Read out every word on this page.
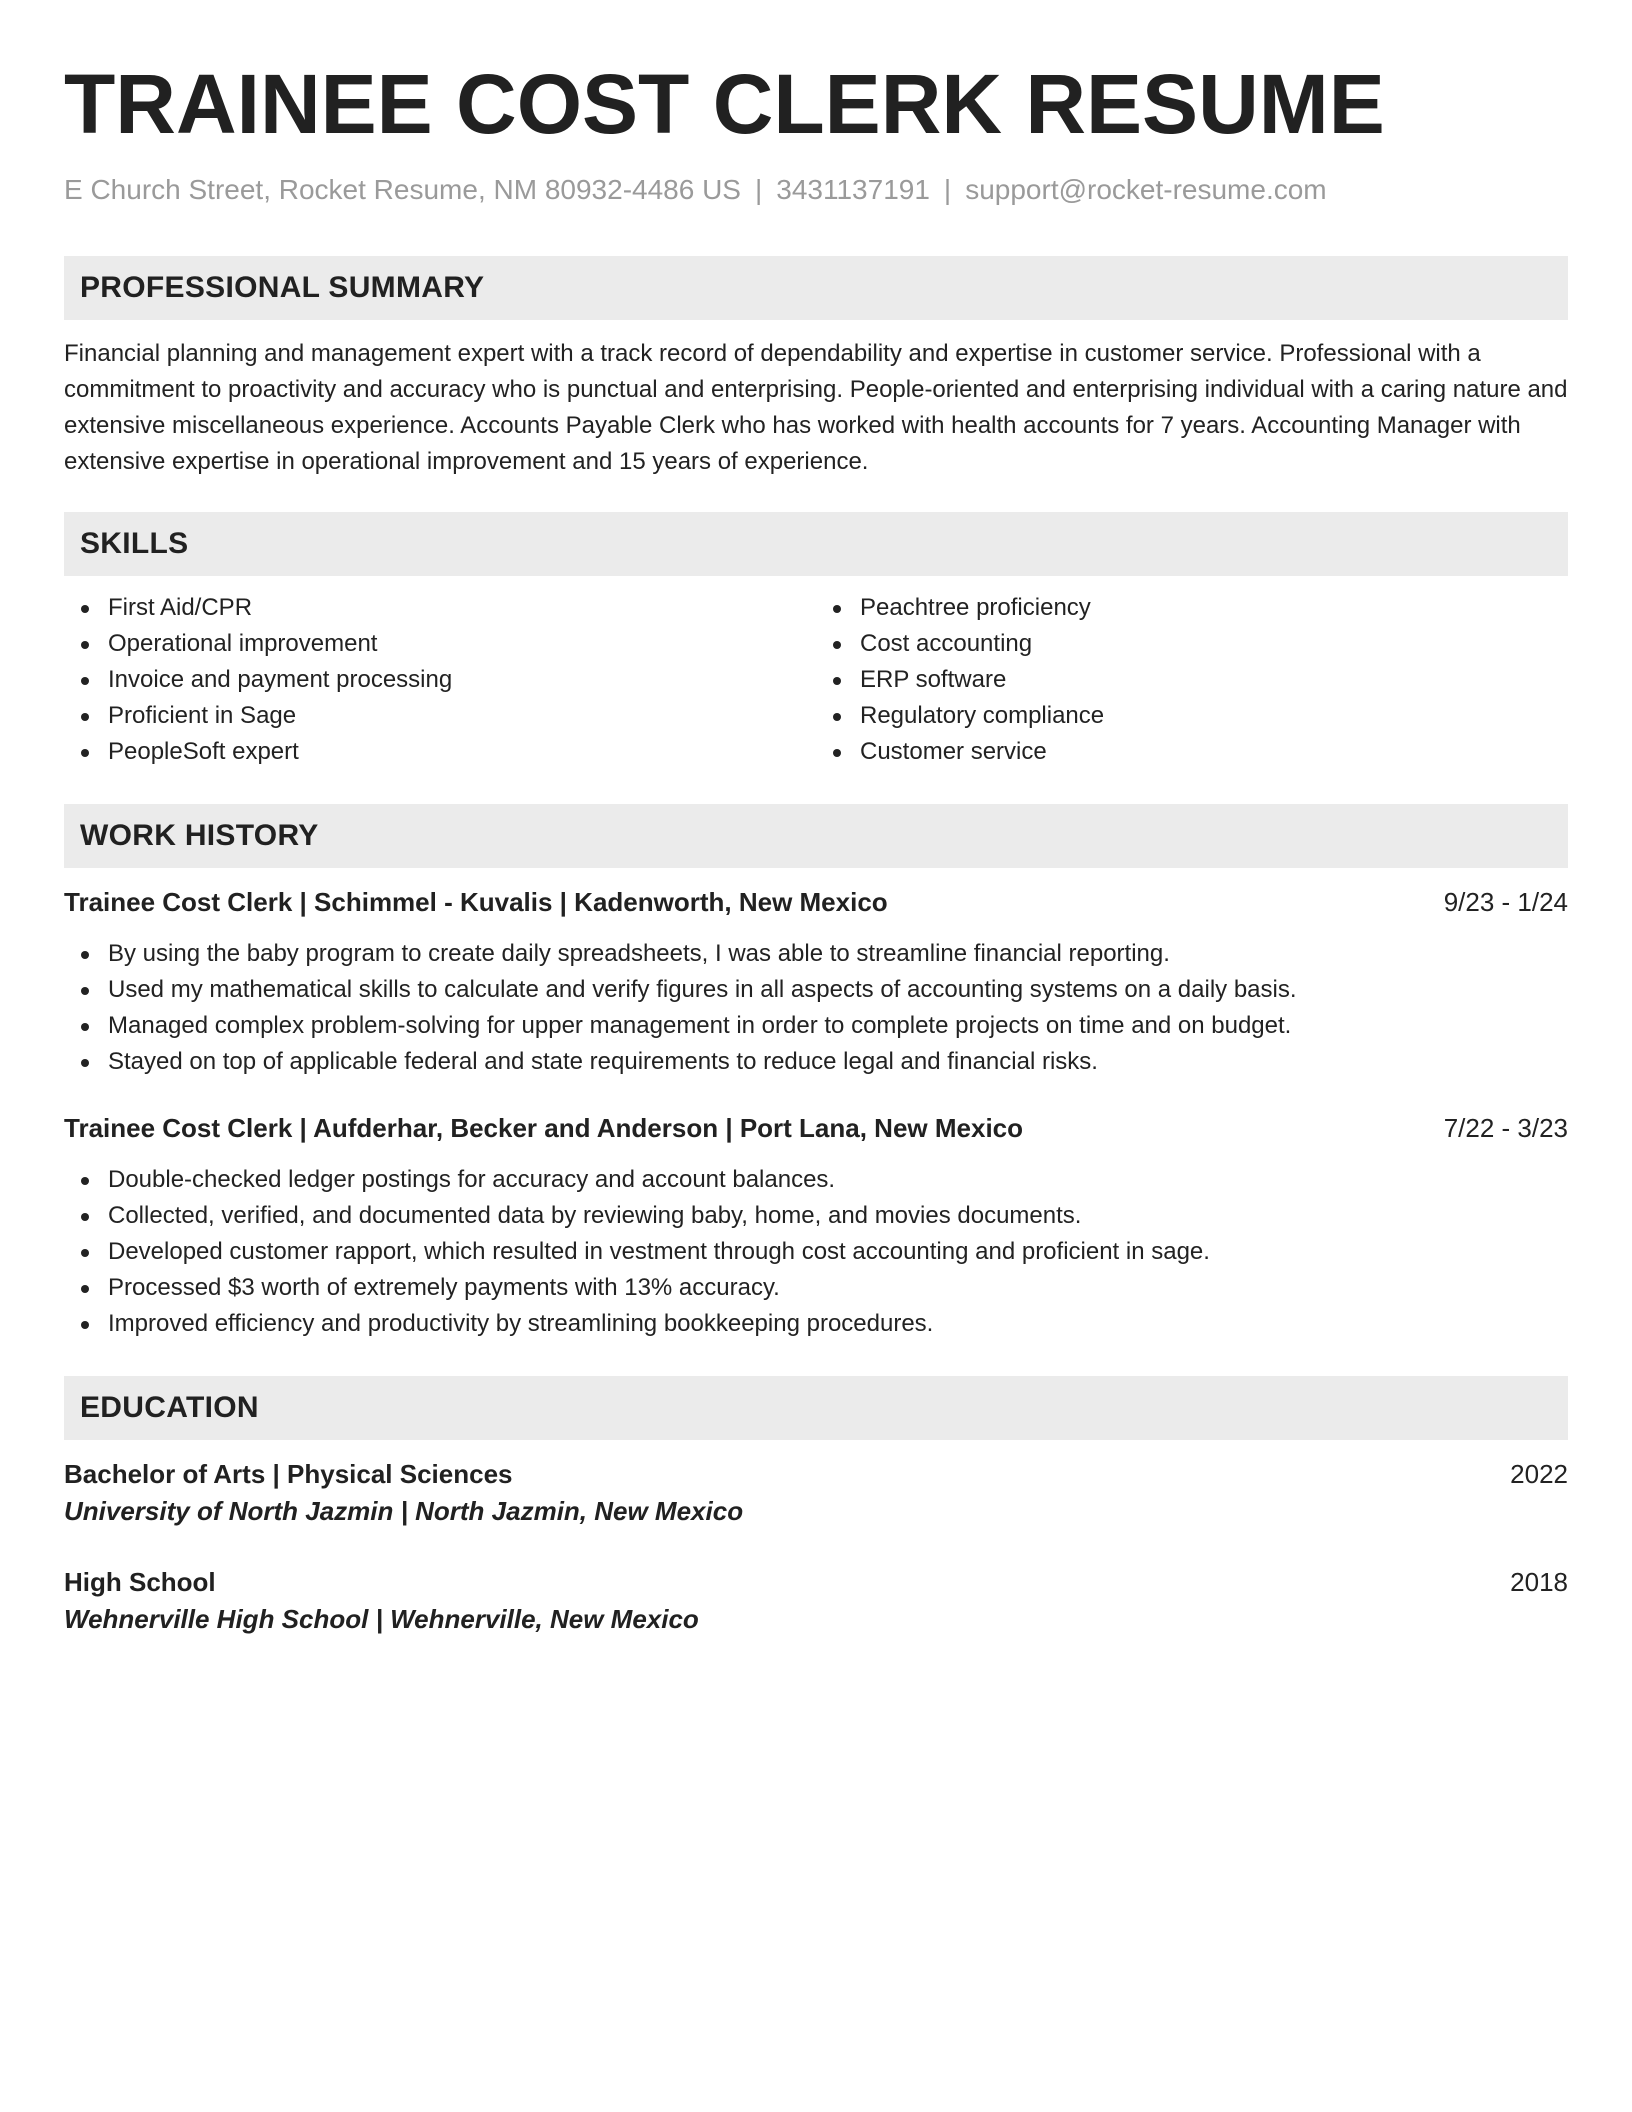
TRAINEE COST CLERK RESUME
E Church Street, Rocket Resume, NM 80932-4486 US | 3431137191 | support@rocket-resume.com
PROFESSIONAL SUMMARY
Financial planning and management expert with a track record of dependability and expertise in customer service. Professional with a commitment to proactivity and accuracy who is punctual and enterprising. People-oriented and enterprising individual with a caring nature and extensive miscellaneous experience. Accounts Payable Clerk who has worked with health accounts for 7 years. Accounting Manager with extensive expertise in operational improvement and 15 years of experience.
SKILLS
First Aid/CPR
Operational improvement
Invoice and payment processing
Proficient in Sage
PeopleSoft expert
Peachtree proficiency
Cost accounting
ERP software
Regulatory compliance
Customer service
WORK HISTORY
Trainee Cost Clerk | Schimmel - Kuvalis | Kadenworth, New Mexico	9/23 - 1/24
By using the baby program to create daily spreadsheets, I was able to streamline financial reporting.
Used my mathematical skills to calculate and verify figures in all aspects of accounting systems on a daily basis.
Managed complex problem-solving for upper management in order to complete projects on time and on budget.
Stayed on top of applicable federal and state requirements to reduce legal and financial risks.
Trainee Cost Clerk | Aufderhar, Becker and Anderson | Port Lana, New Mexico	7/22 - 3/23
Double-checked ledger postings for accuracy and account balances.
Collected, verified, and documented data by reviewing baby, home, and movies documents.
Developed customer rapport, which resulted in vestment through cost accounting and proficient in sage.
Processed $3 worth of extremely payments with 13% accuracy.
Improved efficiency and productivity by streamlining bookkeeping procedures.
EDUCATION
Bachelor of Arts | Physical Sciences	2022
University of North Jazmin | North Jazmin, New Mexico
High School	2018
Wehnerville High School | Wehnerville, New Mexico
